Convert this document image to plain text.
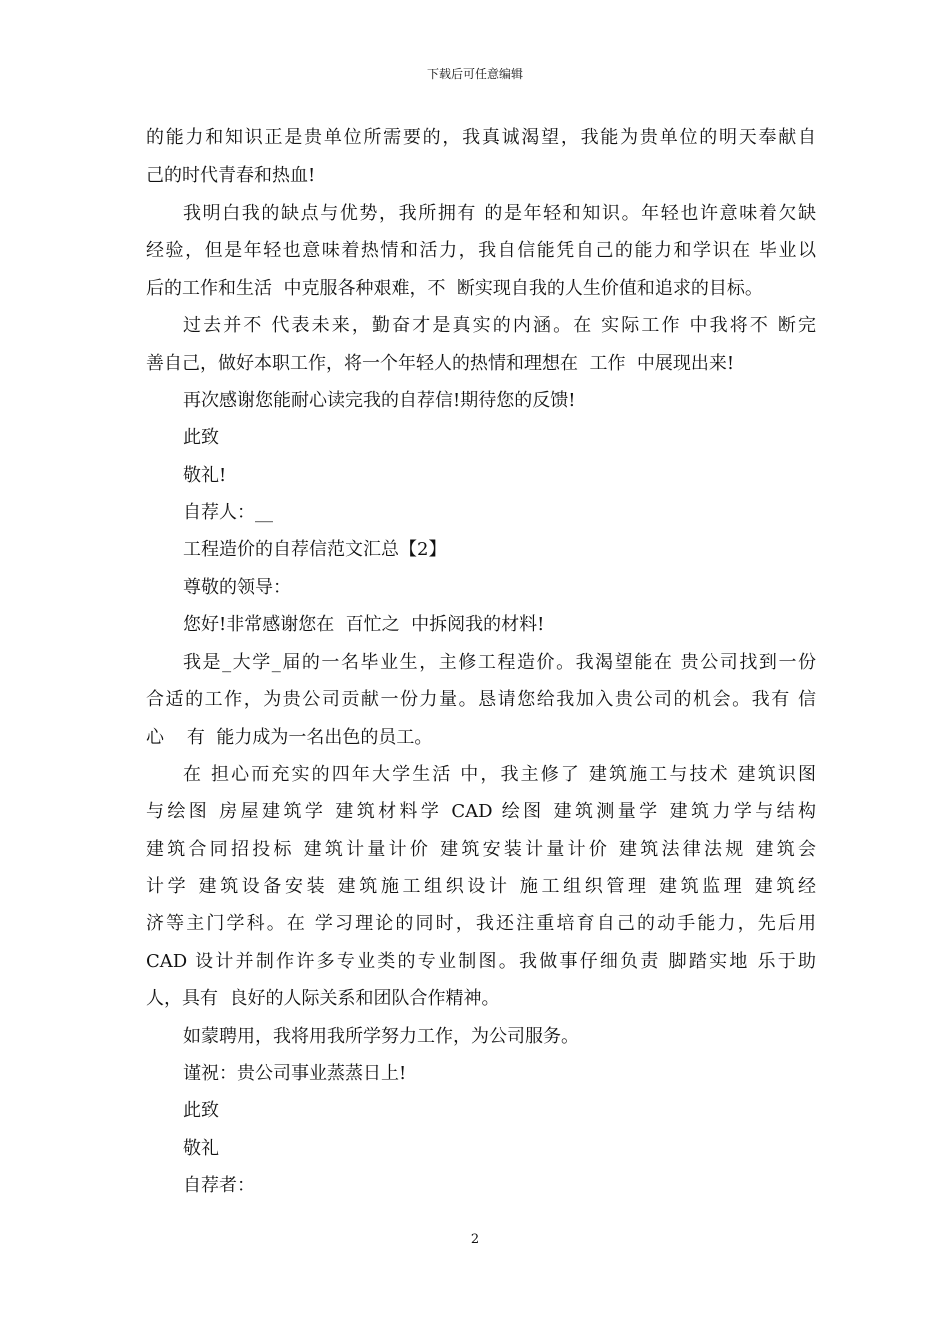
下载后可任意编辑
的能力和知识正是贵单位所需要的，我真诚渴望，我能为贵单位的明天奉献自
己的时代青春和热血!
我明白我的缺点与优势，我所拥有 的是年轻和知识。年轻也许意味着欠缺
经验，但是年轻也意味着热情和活力，我自信能凭自己的能力和学识在 毕业以
后的工作和生活  中克服各种艰难，不  断实现自我的人生价值和追求的目标。
过去并不 代表未来，勤奋才是真实的内涵。在 实际工作 中我将不 断完
善自己，做好本职工作，将一个年轻人的热情和理想在  工作  中展现出来!
再次感谢您能耐心读完我的自荐信!期待您的反馈!
此致
敬礼!
自荐人：__
工程造价的自荐信范文汇总【2】
尊敬的领导：
您好!非常感谢您在  百忙之  中拆阅我的材料!
我是_大学_届的一名毕业生，主修工程造价。我渴望能在 贵公司找到一份
合适的工作，为贵公司贡献一份力量。恳请您给我加入贵公司的机会。我有 信
心    有  能力成为一名出色的员工。
在 担心而充实的四年大学生活 中，我主修了 建筑施工与技术 建筑识图
与绘图 房屋建筑学 建筑材料学 CAD 绘图 建筑测量学 建筑力学与结构
建筑合同招投标 建筑计量计价 建筑安装计量计价 建筑法律法规 建筑会
计学 建筑设备安装 建筑施工组织设计 施工组织管理 建筑监理 建筑经
济等主门学科。在 学习理论的同时，我还注重培育自己的动手能力，先后用
CAD 设计并制作许多专业类的专业制图。我做事仔细负责 脚踏实地 乐于助
人，具有  良好的人际关系和团队合作精神。
如蒙聘用，我将用我所学努力工作，为公司服务。
谨祝：贵公司事业蒸蒸日上!
此致
敬礼
自荐者：
2
